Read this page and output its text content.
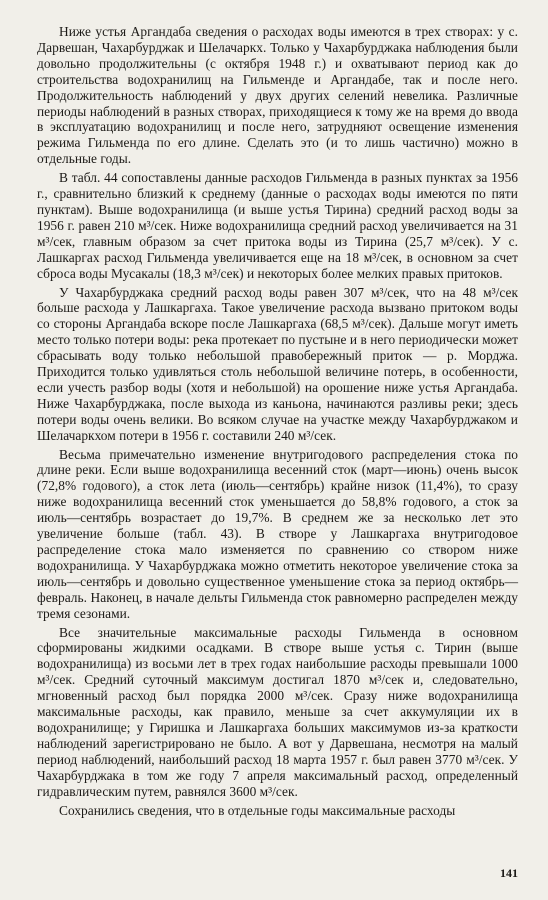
Ниже устья Аргандаба сведения о расходах воды имеются в трех створах: у с. Дарвешан, Чахарбурджак и Шелачаркх. Только у Чахарбурджака наблюдения были довольно продолжительны (с октября 1948 г.) и охватывают период как до строительства водохранилищ на Гильменде и Аргандабе, так и после него. Продолжительность наблюдений у двух других селений невелика. Различные периоды наблюдений в разных створах, приходящиеся к тому же на время до ввода в эксплуатацию водохранилищ и после него, затрудняют освещение изменения режима Гильменда по его длине. Сделать это (и то лишь частично) можно в отдельные годы.

В табл. 44 сопоставлены данные расходов Гильменда в разных пунктах за 1956 г., сравнительно близкий к среднему (данные о расходах воды имеются по пяти пунктам). Выше водохранилища (и выше устья Тирина) средний расход воды за 1956 г. равен 210 м³/сек. Ниже водохранилища средний расход увеличивается на 31 м³/сек, главным образом за счет притока воды из Тирина (25,7 м³/сек). У с. Лашкаргах расход Гильменда увеличивается еще на 18 м³/сек, в основном за счет сброса воды Мусакалы (18,3 м³/сек) и некоторых более мелких правых притоков.

У Чахарбурджака средний расход воды равен 307 м³/сек, что на 48 м³/сек больше расхода у Лашкаргаха. Такое увеличение расхода вызвано притоком воды со стороны Аргандаба вскоре после Лашкаргаха (68,5 м³/сек). Дальше могут иметь место только потери воды: река протекает по пустыне и в него периодически может сбрасывать воду только небольшой правобережный приток — р. Морджа. Приходится только удивляться столь небольшой величине потерь, в особенности, если учесть разбор воды (хотя и небольшой) на орошение ниже устья Аргандаба. Ниже Чахарбурджака, после выхода из каньона, начинаются разливы реки; здесь потери воды очень велики. Во всяком случае на участке между Чахарбурджаком и Шелачаркхом потери в 1956 г. составили 240 м³/сек.

Весьма примечательно изменение внутригодового распределения стока по длине реки. Если выше водохранилища весенний сток (март—июнь) очень высок (72,8% годового), а сток лета (июль—сентябрь) крайне низок (11,4%), то сразу ниже водохранилища весенний сток уменьшается до 58,8% годового, а сток за июль—сентябрь возрастает до 19,7%. В среднем же за несколько лет это увеличение больше (табл. 43). В створе у Лашкаргаха внутригодовое распределение стока мало изменяется по сравнению со створом ниже водохранилища. У Чахарбурджака можно отметить некоторое увеличение стока за июль—сентябрь и довольно существенное уменьшение стока за период октябрь—февраль. Наконец, в начале дельты Гильменда сток равномерно распределен между тремя сезонами.

Все значительные максимальные расходы Гильменда в основном сформированы жидкими осадками. В створе выше устья с. Тирин (выше водохранилища) из восьми лет в трех годах наибольшие расходы превышали 1000 м³/сек. Средний суточный максимум достигал 1870 м³/сек и, следовательно, мгновенный расход был порядка 2000 м³/сек. Сразу ниже водохранилища максимальные расходы, как правило, меньше за счет аккумуляции их в водохранилище; у Гиришка и Лашкаргаха больших максимумов из-за краткости наблюдений зарегистрировано не было. А вот у Дарвешана, несмотря на малый период наблюдений, наибольший расход 18 марта 1957 г. был равен 3770 м³/сек. У Чахарбурджака в том же году 7 апреля максимальный расход, определенный гидравлическим путем, равнялся 3600 м³/сек.

Сохранились сведения, что в отдельные годы максимальные расходы

141
